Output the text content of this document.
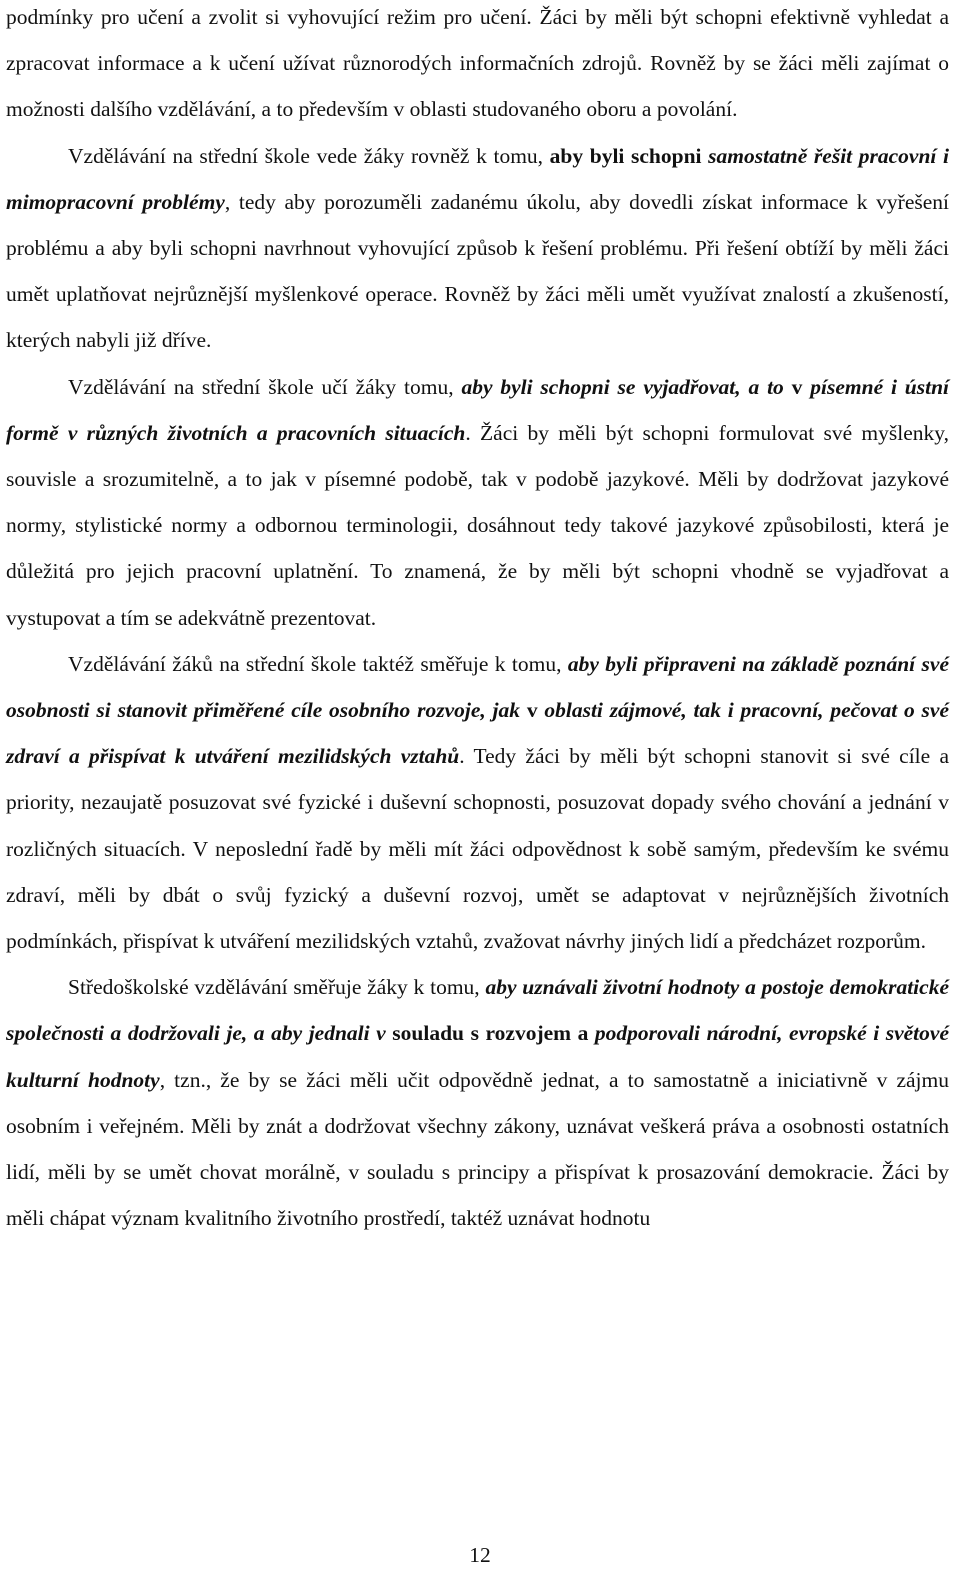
podmínky pro učení a zvolit si vyhovující režim pro učení. Žáci by měli být schopni efektivně vyhledat a zpracovat informace a k učení užívat různorodých informačních zdrojů. Rovněž by se žáci měli zajímat o možnosti dalšího vzdělávání, a to především v oblasti studovaného oboru a povolání.

Vzdělávání na střední škole vede žáky rovněž k tomu, aby byli schopni samostatně řešit pracovní i mimopracovní problémy, tedy aby porozuměli zadanému úkolu, aby dovedli získat informace k vyřešení problému a aby byli schopni navrhnout vyhovující způsob k řešení problému. Při řešení obtíží by měli žáci umět uplatňovat nejrůznější myšlenkové operace. Rovněž by žáci měli umět využívat znalostí a zkušeností, kterých nabyli již dříve.

Vzdělávání na střední škole učí žáky tomu, aby byli schopni se vyjadřovat, a to v písemné i ústní formě v různých životních a pracovních situacích. Žáci by měli být schopni formulovat své myšlenky, souvisle a srozumitelně, a to jak v písemné podobě, tak v podobě jazykové. Měli by dodržovat jazykové normy, stylistické normy a odbornou terminologii, dosáhnout tedy takové jazykové způsobilosti, která je důležitá pro jejich pracovní uplatnění. To znamená, že by měli být schopni vhodně se vyjadřovat a vystupovat a tím se adekvátně prezentovat.

Vzdělávání žáků na střední škole taktéž směřuje k tomu, aby byli připraveni na základě poznání své osobnosti si stanovit přiměřené cíle osobního rozvoje, jak v oblasti zájmové, tak i pracovní, pečovat o své zdraví a přispívat k utváření mezilidských vztahů. Tedy žáci by měli být schopni stanovit si své cíle a priority, nezaujatě posuzovat své fyzické i duševní schopnosti, posuzovat dopady svého chování a jednání v rozličných situacích. V neposlední řadě by měli mít žáci odpovědnost k sobě samým, především ke svému zdraví, měli by dbát o svůj fyzický a duševní rozvoj, umět se adaptovat v nejrůznějších životních podmínkách, přispívat k utváření mezilidských vztahů, zvažovat návrhy jiných lidí a předcházet rozporům.

Středoškolské vzdělávání směřuje žáky k tomu, aby uznávali životní hodnoty a postoje demokratické společnosti a dodržovali je, a aby jednali v souladu s rozvojem a podporovali národní, evropské i světové kulturní hodnoty, tzn., že by se žáci měli učit odpovědně jednat, a to samostatně a iniciativně v zájmu osobním i veřejném. Měli by znát a dodržovat všechny zákony, uznávat veškerá práva a osobnosti ostatních lidí, měli by se umět chovat morálně, v souladu s principy a přispívat k prosazování demokracie. Žáci by měli chápat význam kvalitního životního prostředí, taktéž uznávat hodnotu

12
